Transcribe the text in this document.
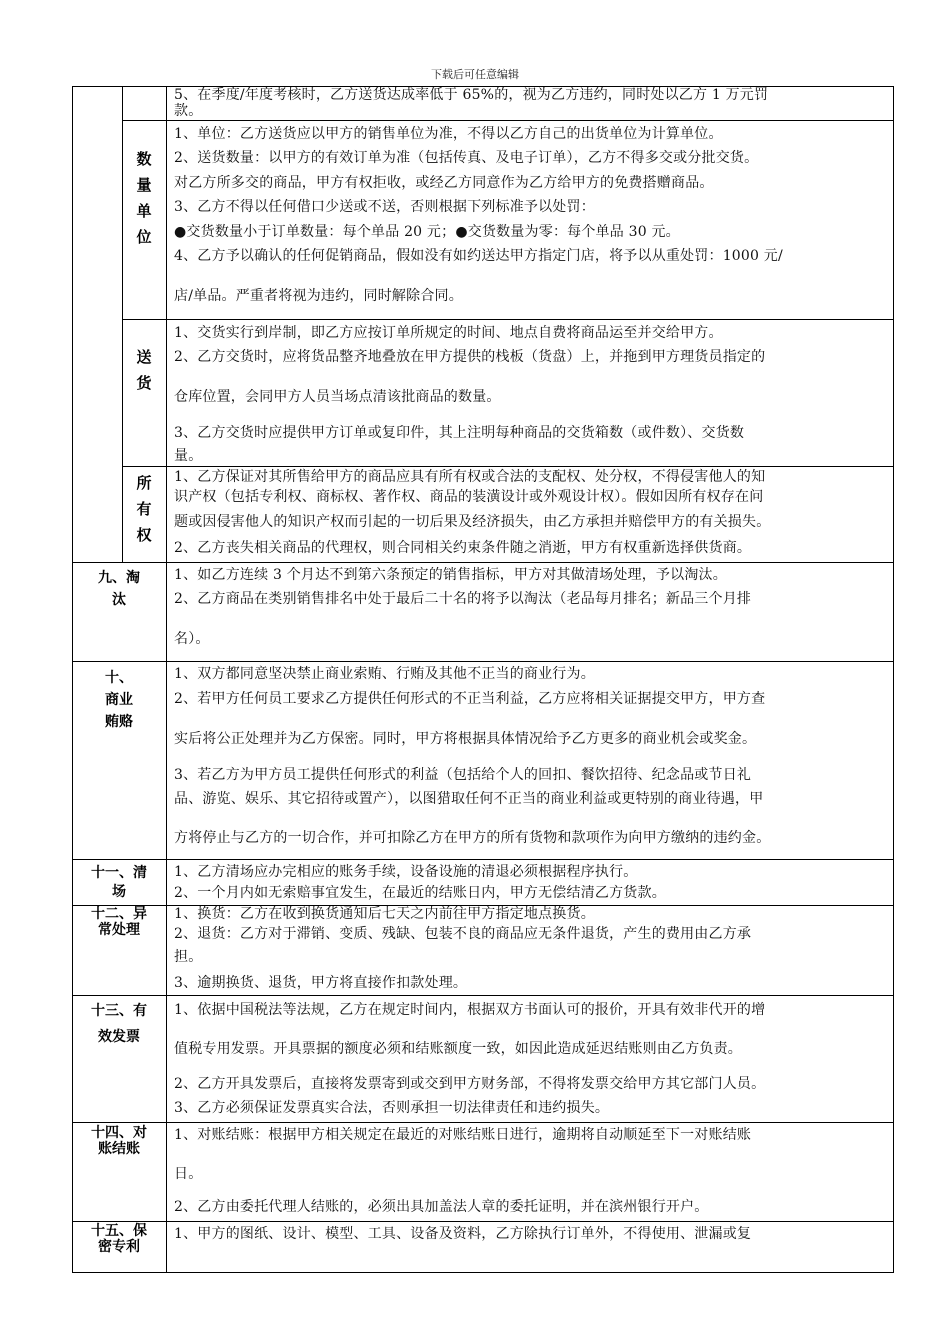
下载后可任意编辑
数量单位
送货
所有权
九、淘汰
十、商业贿赂
十一、清场
十二、异常处理
十三、有效发票
十四、对账结账
十五、保密专利
5、在季度/年度考核时，乙方送货达成率低于 65%的，视为乙方违约，同时处以乙方 1 万元罚
款。
1、单位：乙方送货应以甲方的销售单位为准，不得以乙方自己的出货单位为计算单位。
2、送货数量：以甲方的有效订单为准（包括传真、及电子订单），乙方不得多交或分批交货。
对乙方所多交的商品，甲方有权拒收，或经乙方同意作为乙方给甲方的免费搭赠商品。
3、乙方不得以任何借口少送或不送，否则根据下列标准予以处罚：
●交货数量小于订单数量：每个单品 20 元；●交货数量为零：每个单品 30 元。
4、乙方予以确认的任何促销商品，假如没有如约送达甲方指定门店，将予以从重处罚：1000 元/
店/单品。严重者将视为违约，同时解除合同。
1、交货实行到岸制，即乙方应按订单所规定的时间、地点自费将商品运至并交给甲方。
2、乙方交货时，应将货品整齐地叠放在甲方提供的栈板（货盘）上，并拖到甲方理货员指定的
仓库位置，会同甲方人员当场点清该批商品的数量。
3、乙方交货时应提供甲方订单或复印件，其上注明每种商品的交货箱数（或件数）、交货数
量。
1、乙方保证对其所售给甲方的商品应具有所有权或合法的支配权、处分权，不得侵害他人的知
识产权（包括专利权、商标权、著作权、商品的装潢设计或外观设计权）。假如因所有权存在问
题或因侵害他人的知识产权而引起的一切后果及经济损失，由乙方承担并赔偿甲方的有关损失。
2、乙方丧失相关商品的代理权，则合同相关约束条件随之消逝，甲方有权重新选择供货商。
1、如乙方连续 3 个月达不到第六条预定的销售指标，甲方对其做清场处理，予以淘汰。
2、乙方商品在类别销售排名中处于最后二十名的将予以淘汰（老品每月排名；新品三个月排
名）。
1、双方都同意坚决禁止商业索贿、行贿及其他不正当的商业行为。
2、若甲方任何员工要求乙方提供任何形式的不正当利益，乙方应将相关证据提交甲方，甲方查
实后将公正处理并为乙方保密。同时，甲方将根据具体情况给予乙方更多的商业机会或奖金。
3、若乙方为甲方员工提供任何形式的利益（包括给个人的回扣、餐饮招待、纪念品或节日礼
品、游览、娱乐、其它招待或置产），以图猎取任何不正当的商业利益或更特别的商业待遇，甲
方将停止与乙方的一切合作，并可扣除乙方在甲方的所有货物和款项作为向甲方缴纳的违约金。
1、乙方清场应办完相应的账务手续，设备设施的清退必须根据程序执行。
2、一个月内如无索赔事宜发生，在最近的结账日内，甲方无偿结清乙方货款。
1、换货：乙方在收到换货通知后七天之内前往甲方指定地点换货。
2、退货：乙方对于滞销、变质、残缺、包装不良的商品应无条件退货，产生的费用由乙方承
担。
3、逾期换货、退货，甲方将直接作扣款处理。
1、依据中国税法等法规，乙方在规定时间内，根据双方书面认可的报价，开具有效非代开的增
值税专用发票。开具票据的额度必须和结账额度一致，如因此造成延迟结账则由乙方负责。
2、乙方开具发票后，直接将发票寄到或交到甲方财务部，不得将发票交给甲方其它部门人员。
3、乙方必须保证发票真实合法，否则承担一切法律责任和违约损失。
1、对账结账：根据甲方相关规定在最近的对账结账日进行，逾期将自动顺延至下一对账结账
日。
2、乙方由委托代理人结账的，必须出具加盖法人章的委托证明，并在滨州银行开户。
1、甲方的图纸、设计、模型、工具、设备及资料，乙方除执行订单外，不得使用、泄漏或复
